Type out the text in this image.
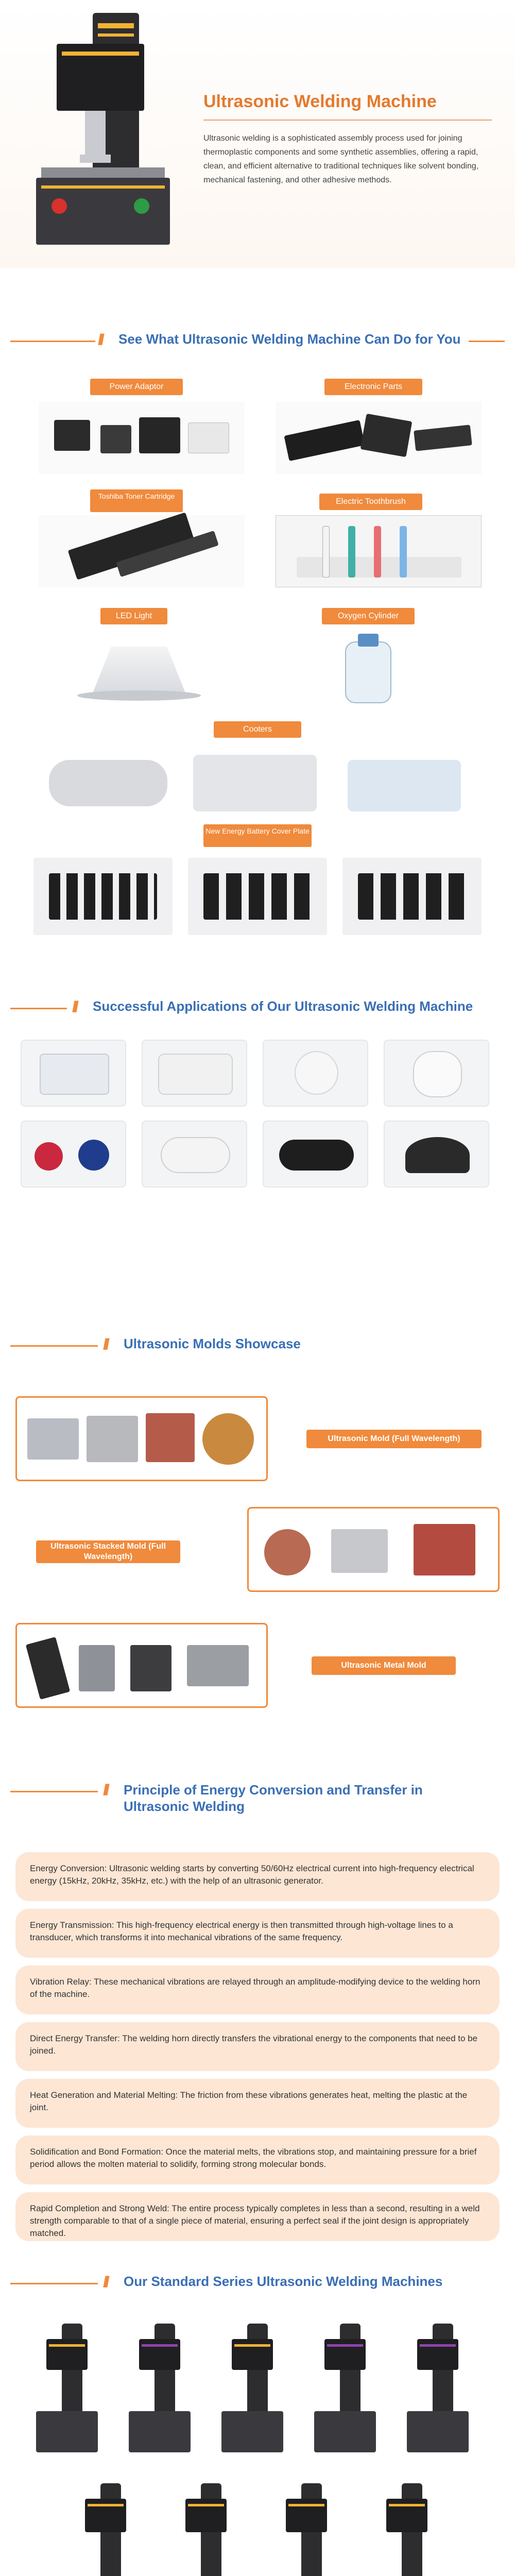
Ultrasonic Welding Machine
Ultrasonic welding is a sophisticated assembly process used for joining thermoplastic components and some synthetic assemblies, offering a rapid, clean, and efficient alternative to traditional techniques like solvent bonding, mechanical fastening, and other adhesive methods.
/// See What Ultrasonic Welding Machine Can Do for You
Power Adaptor	Electronic Parts
Toshiba Toner Cartridge
Electric Toothbrush
LED Light	Oxygen Cylinder
Cooters
New Energy Battery Cover Plate
/// Successful Applications of Our Ultrasonic Welding Machine
/// Ultrasonic Molds Showcase
Ultrasonic Mold (Full Wavelength)
Ultrasonic Stacked Mold (Full Wavelength)
Ultrasonic Metal Mold
/// Principle of Energy Conversion and Transfer in Ultrasonic Welding
Energy Conversion: Ultrasonic welding starts by converting 50/60Hz electrical current into high-frequency electrical energy (15kHz, 20kHz, 35kHz, etc.) with the help of an ultrasonic generator.
Energy Transmission: This high-frequency electrical energy is then transmitted through high-voltage lines to a transducer, which transforms it into mechanical vibrations of the same frequency.
Vibration Relay: These mechanical vibrations are relayed through an amplitude-modifying device to the welding horn of the machine.
Direct Energy Transfer: The welding horn directly transfers the vibrational energy to the components that need to be joined.
Heat Generation and Material Melting: The friction from these vibrations generates heat, melting the plastic at the joint.
Solidification and Bond Formation: Once the material melts, the vibrations stop, and maintaining pressure for a brief period allows the molten material to solidify, forming strong molecular bonds.
Rapid Completion and Strong Weld: The entire process typically completes in less than a second, resulting in a weld strength comparable to that of a single piece of material, ensuring a perfect seal if the joint design is appropriately matched.
/// Our Standard Series Ultrasonic Welding Machines
